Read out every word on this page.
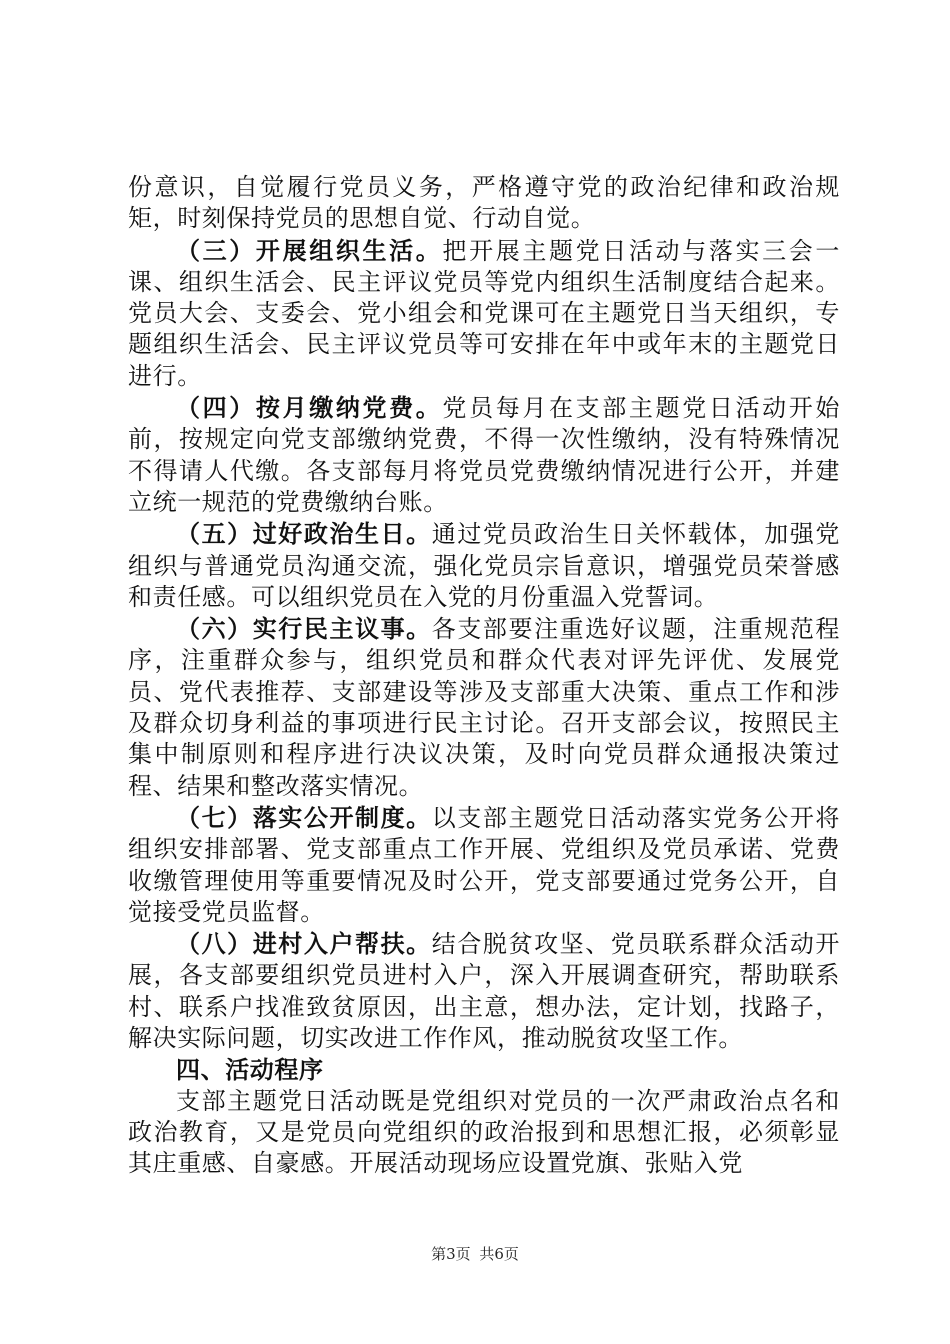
份意识，自觉履行党员义务，严格遵守党的政治纪律和政治规矩，时刻保持党员的思想自觉、行动自觉。

（三）开展组织生活。把开展主题党日活动与落实三会一课、组织生活会、民主评议党员等党内组织生活制度结合起来。党员大会、支委会、党小组会和党课可在主题党日当天组织，专题组织生活会、民主评议党员等可安排在年中或年末的主题党日进行。

（四）按月缴纳党费。党员每月在支部主题党日活动开始前，按规定向党支部缴纳党费，不得一次性缴纳，没有特殊情况不得请人代缴。各支部每月将党员党费缴纳情况进行公开，并建立统一规范的党费缴纳台账。

（五）过好政治生日。通过党员政治生日关怀载体，加强党组织与普通党员沟通交流，强化党员宗旨意识，增强党员荣誉感和责任感。可以组织党员在入党的月份重温入党誓词。

（六）实行民主议事。各支部要注重选好议题，注重规范程序，注重群众参与，组织党员和群众代表对评先评优、发展党员、党代表推荐、支部建设等涉及支部重大决策、重点工作和涉及群众切身利益的事项进行民主讨论。召开支部会议，按照民主集中制原则和程序进行决议决策，及时向党员群众通报决策过程、结果和整改落实情况。

（七）落实公开制度。以支部主题党日活动落实党务公开将组织安排部署、党支部重点工作开展、党组织及党员承诺、党费收缴管理使用等重要情况及时公开，党支部要通过党务公开，自觉接受党员监督。

（八）进村入户帮扶。结合脱贫攻坚、党员联系群众活动开展，各支部要组织党员进村入户，深入开展调查研究，帮助联系村、联系户找准致贫原因，出主意，想办法，定计划，找路子，解决实际问题，切实改进工作作风，推动脱贫攻坚工作。

四、活动程序

支部主题党日活动既是党组织对党员的一次严肃政治点名和政治教育，又是党员向党组织的政治报到和思想汇报，必须彰显其庄重感、自豪感。开展活动现场应设置党旗、张贴入党

第3页 共6页
